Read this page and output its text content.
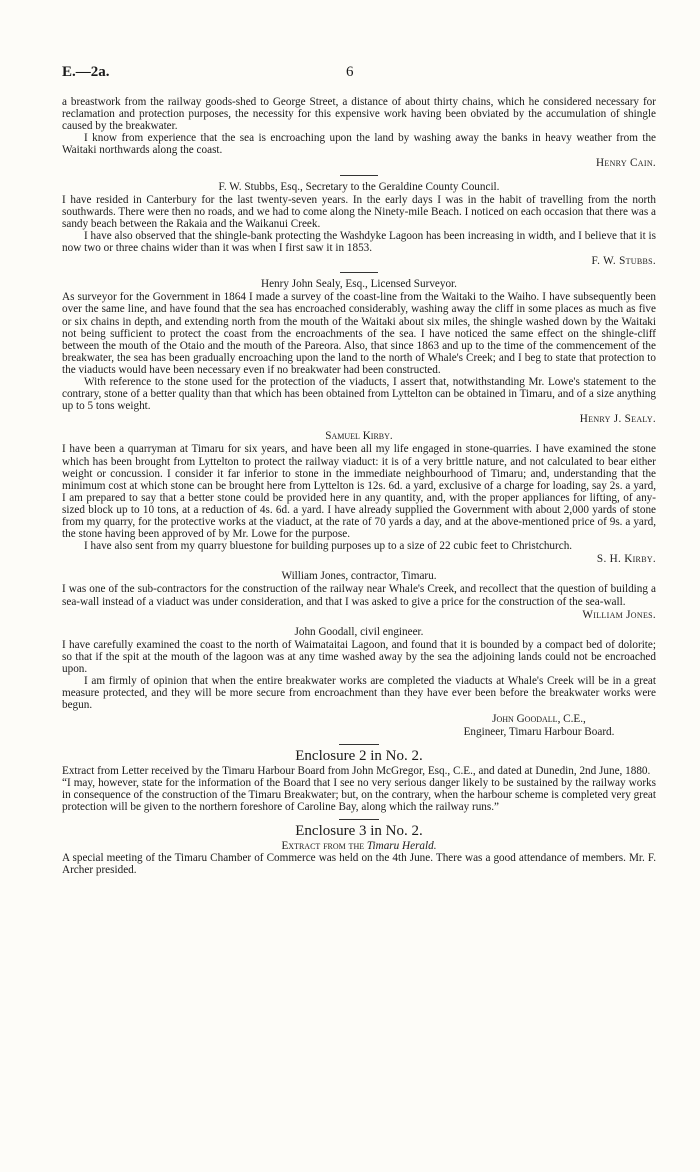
E.—2a.	6

a breastwork from the railway goods-shed to George Street, a distance of about thirty chains, which he considered necessary for reclamation and protection purposes, the necessity for this expensive work having been obviated by the accumulation of shingle caused by the breakwater.

I know from experience that the sea is encroaching upon the land by washing away the banks in heavy weather from the Waitaki northwards along the coast.

Henry Cain.
F. W. Stubbs, Esq., Secretary to the Geraldine County Council.

I have resided in Canterbury for the last twenty-seven years. In the early days I was in the habit of travelling from the north southwards. There were then no roads, and we had to come along the Ninety-mile Beach. I noticed on each occasion that there was a sandy beach between the Rakaia and the Waikanui Creek.

I have also observed that the shingle-bank protecting the Washdyke Lagoon has been increasing in width, and I believe that it is now two or three chains wider than it was when I first saw it in 1853.

F. W. Stubbs.
Henry John Sealy, Esq., Licensed Surveyor.

As surveyor for the Government in 1864 I made a survey of the coast-line from the Waitaki to the Waiho. I have subsequently been over the same line, and have found that the sea has encroached considerably, washing away the cliff in some places as much as five or six chains in depth, and extending north from the mouth of the Waitaki about six miles, the shingle washed down by the Waitaki not being sufficient to protect the coast from the encroachments of the sea. I have noticed the same effect on the shingle-cliff between the mouth of the Otaio and the mouth of the Pareora. Also, that since 1863 and up to the time of the commencement of the breakwater, the sea has been gradually encroaching upon the land to the north of Whale's Creek; and I beg to state that protection to the viaducts would have been necessary even if no breakwater had been constructed.

With reference to the stone used for the protection of the viaducts, I assert that, notwithstanding Mr. Lowe's statement to the contrary, stone of a better quality than that which has been obtained from Lyttelton can be obtained in Timaru, and of a size anything up to 5 tons weight.

Henry J. Sealy.
Samuel Kirby.

I have been a quarryman at Timaru for six years, and have been all my life engaged in stone-quarries. I have examined the stone which has been brought from Lyttelton to protect the railway viaduct: it is of a very brittle nature, and not calculated to bear either weight or concussion. I consider it far inferior to stone in the immediate neighbourhood of Timaru; and, understanding that the minimum cost at which stone can be brought here from Lyttelton is 12s. 6d. a yard, exclusive of a charge for loading, say 2s. a yard, I am prepared to say that a better stone could be provided here in any quantity, and, with the proper appliances for lifting, of any-sized block up to 10 tons, at a reduction of 4s. 6d. a yard. I have already supplied the Government with about 2,000 yards of stone from my quarry, for the protective works at the viaduct, at the rate of 70 yards a day, and at the above-mentioned price of 9s. a yard, the stone having been approved of by Mr. Lowe for the purpose.

I have also sent from my quarry bluestone for building purposes up to a size of 22 cubic feet to Christchurch.

S. H. Kirby.
William Jones, contractor, Timaru.

I was one of the sub-contractors for the construction of the railway near Whale's Creek, and recollect that the question of building a sea-wall instead of a viaduct was under consideration, and that I was asked to give a price for the construction of the sea-wall.

William Jones.
John Goodall, civil engineer.

I have carefully examined the coast to the north of Waimataitai Lagoon, and found that it is bounded by a compact bed of dolorite; so that if the spit at the mouth of the lagoon was at any time washed away by the sea the adjoining lands could not be encroached upon.

I am firmly of opinion that when the entire breakwater works are completed the viaducts at Whale's Creek will be in a great measure protected, and they will be more secure from encroachment than they have ever been before the breakwater works were begun.

John Goodall, C.E.,
Engineer, Timaru Harbour Board.
Enclosure 2 in No. 2.

Extract from Letter received by the Timaru Harbour Board from John McGregor, Esq., C.E., and dated at Dunedin, 2nd June, 1880.

“I may, however, state for the information of the Board that I see no very serious danger likely to be sustained by the railway works in consequence of the construction of the Timaru Breakwater; but, on the contrary, when the harbour scheme is completed very great protection will be given to the northern foreshore of Caroline Bay, along which the railway runs.”

Enclosure 3 in No. 2.
Extract from the Timaru Herald.

A special meeting of the Timaru Chamber of Commerce was held on the 4th June. There was a good attendance of members. Mr. F. Archer presided.
